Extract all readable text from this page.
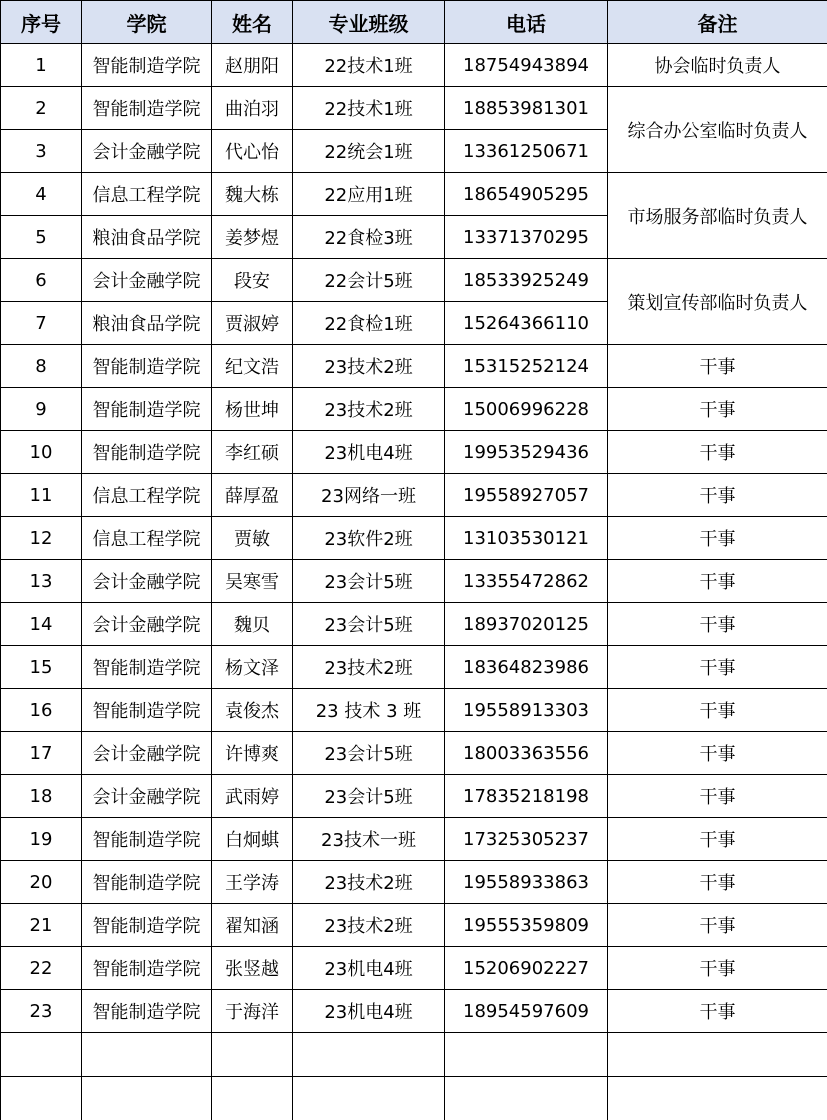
序号	学院	姓名	专业班级	电话	备注
1	智能制造学院	赵朋阳	22技术1班	18754943894	协会临时负责人
2	智能制造学院	曲泊羽	22技术1班	18853981301	综合办公室临时负责人
3	会计金融学院	代心怡	22统会1班	13361250671	
4	信息工程学院	魏大栋	22应用1班	18654905295	市场服务部临时负责人
5	粮油食品学院	姜梦煜	22食检3班	13371370295	
6	会计金融学院	段安	22会计5班	18533925249	策划宣传部临时负责人
7	粮油食品学院	贾淑婷	22食检1班	15264366110	
8	智能制造学院	纪文浩	23技术2班	15315252124	干事
9	智能制造学院	杨世坤	23技术2班	15006996228	干事
10	智能制造学院	李红硕	23机电4班	19953529436	干事
11	信息工程学院	薛厚盈	23网络一班	19558927057	干事
12	信息工程学院	贾敏	23软件2班	13103530121	干事
13	会计金融学院	吴寒雪	23会计5班	13355472862	干事
14	会计金融学院	魏贝	23会计5班	18937020125	干事
15	智能制造学院	杨文泽	23技术2班	18364823986	干事
16	智能制造学院	袁俊杰	23 技术 3 班	19558913303	干事
17	会计金融学院	许博爽	23会计5班	18003363556	干事
18	会计金融学院	武雨婷	23会计5班	17835218198	干事
19	智能制造学院	白炯蜞	23技术一班	17325305237	干事
20	智能制造学院	王学涛	23技术2班	19558933863	干事
21	智能制造学院	翟知涵	23技术2班	19555359809	干事
22	智能制造学院	张竖越	23机电4班	15206902227	干事
23	智能制造学院	于海洋	23机电4班	18954597609	干事
